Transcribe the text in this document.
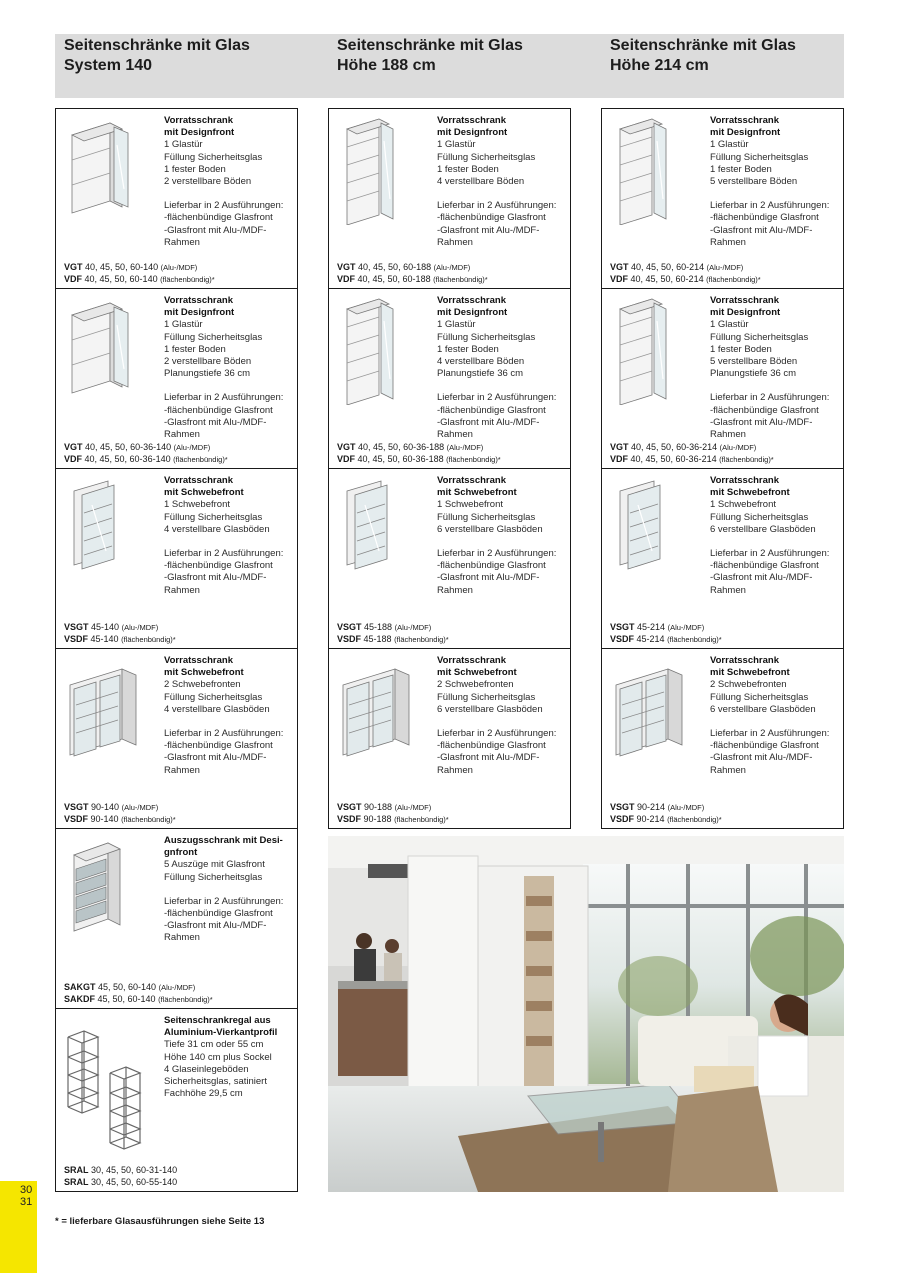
Seitenschränke mit Glas
System 140
Seitenschränke mit Glas
Höhe 188 cm
Seitenschränke mit Glas
Höhe 214 cm
Vorratsschrank
mit Designfront
1 Glastür
Füllung Sicherheitsglas
1 fester Boden
2 verstellbare Böden
Lieferbar in 2 Ausführungen:
-flächenbündige Glasfront
-Glasfront mit Alu-/MDF-Rahmen
VGT 40, 45, 50, 60-140 (Alu-/MDF)
VDF 40, 45, 50, 60-140 (flächenbündig)*
Vorratsschrank
mit Designfront
1 Glastür
Füllung Sicherheitsglas
1 fester Boden
2 verstellbare Böden
Planungstiefe 36 cm
Lieferbar in 2 Ausführungen:
-flächenbündige Glasfront
-Glasfront mit Alu-/MDF-Rahmen
VGT 40, 45, 50, 60-36-140 (Alu-/MDF)
VDF 40, 45, 50, 60-36-140 (flächenbündig)*
Vorratsschrank
mit Schwebefront
1 Schwebefront
Füllung Sicherheitsglas
4 verstellbare Glasböden
Lieferbar in 2 Ausführungen:
-flächenbündige Glasfront
-Glasfront mit Alu-/MDF-Rahmen
VSGT 45-140 (Alu-/MDF)
VSDF 45-140 (flächenbündig)*
Vorratsschrank
mit Schwebefront
2 Schwebefronten
Füllung Sicherheitsglas
4 verstellbare Glasböden
Lieferbar in 2 Ausführungen:
-flächenbündige Glasfront
-Glasfront mit Alu-/MDF-Rahmen
VSGT 90-140 (Alu-/MDF)
VSDF 90-140 (flächenbündig)*
Auszugsschrank mit Desi-
gnfront
5 Auszüge mit Glasfront
Füllung Sicherheitsglas
Lieferbar in 2 Ausführungen:
-flächenbündige Glasfront
-Glasfront mit Alu-/MDF-Rahmen
SAKGT 45, 50, 60-140 (Alu-/MDF)
SAKDF 45, 50, 60-140 (flächenbündig)*
Seitenschrankregal aus
Aluminium-Vierkantprofil
Tiefe 31 cm oder 55 cm
Höhe 140 cm plus Sockel
4 Glaseinlegeböden
Sicherheitsglas, satiniert
Fachhöhe 29,5 cm
SRAL 30, 45, 50, 60-31-140
SRAL 30, 45, 50, 60-55-140
Vorratsschrank
mit Designfront
1 Glastür
Füllung Sicherheitsglas
1 fester Boden
4 verstellbare Böden
Lieferbar in 2 Ausführungen:
-flächenbündige Glasfront
-Glasfront mit Alu-/MDF-Rahmen
VGT 40, 45, 50, 60-188 (Alu-/MDF)
VDF 40, 45, 50, 60-188 (flächenbündig)*
Vorratsschrank
mit Designfront
1 Glastür
Füllung Sicherheitsglas
1 fester Boden
4 verstellbare Böden
Planungstiefe 36 cm
Lieferbar in 2 Ausführungen:
-flächenbündige Glasfront
-Glasfront mit Alu-/MDF-Rahmen
VGT 40, 45, 50, 60-36-188 (Alu-/MDF)
VDF 40, 45, 50, 60-36-188 (flächenbündig)*
Vorratsschrank
mit Schwebefront
1 Schwebefront
Füllung Sicherheitsglas
6 verstellbare Glasböden
Lieferbar in 2 Ausführungen:
-flächenbündige Glasfront
-Glasfront mit Alu-/MDF-Rahmen
VSGT 45-188 (Alu-/MDF)
VSDF 45-188 (flächenbündig)*
Vorratsschrank
mit Schwebefront
2 Schwebefronten
Füllung Sicherheitsglas
6 verstellbare Glasböden
Lieferbar in 2 Ausführungen:
-flächenbündige Glasfront
-Glasfront mit Alu-/MDF-Rahmen
VSGT 90-188 (Alu-/MDF)
VSDF 90-188 (flächenbündig)*
Vorratsschrank
mit Designfront
1 Glastür
Füllung Sicherheitsglas
1 fester Boden
5 verstellbare Böden
Lieferbar in 2 Ausführungen:
-flächenbündige Glasfront
-Glasfront mit Alu-/MDF-Rahmen
VGT 40, 45, 50, 60-214 (Alu-/MDF)
VDF 40, 45, 50, 60-214 (flächenbündig)*
Vorratsschrank
mit Designfront
1 Glastür
Füllung Sicherheitsglas
1 fester Boden
5 verstellbare Böden
Planungstiefe 36 cm
Lieferbar in 2 Ausführungen:
-flächenbündige Glasfront
-Glasfront mit Alu-/MDF-Rahmen
VGT 40, 45, 50, 60-36-214 (Alu-/MDF)
VDF 40, 45, 50, 60-36-214 (flächenbündig)*
Vorratsschrank
mit Schwebefront
1 Schwebefront
Füllung Sicherheitsglas
6 verstellbare Glasböden
Lieferbar in 2 Ausführungen:
-flächenbündige Glasfront
-Glasfront mit Alu-/MDF-Rahmen
VSGT 45-214 (Alu-/MDF)
VSDF 45-214 (flächenbündig)*
Vorratsschrank
mit Schwebefront
2 Schwebefronten
Füllung Sicherheitsglas
6 verstellbare Glasböden
Lieferbar in 2 Ausführungen:
-flächenbündige Glasfront
-Glasfront mit Alu-/MDF-Rahmen
VSGT 90-214 (Alu-/MDF)
VSDF 90-214 (flächenbündig)*
30
31
* = lieferbare Glasausführungen siehe Seite 13
